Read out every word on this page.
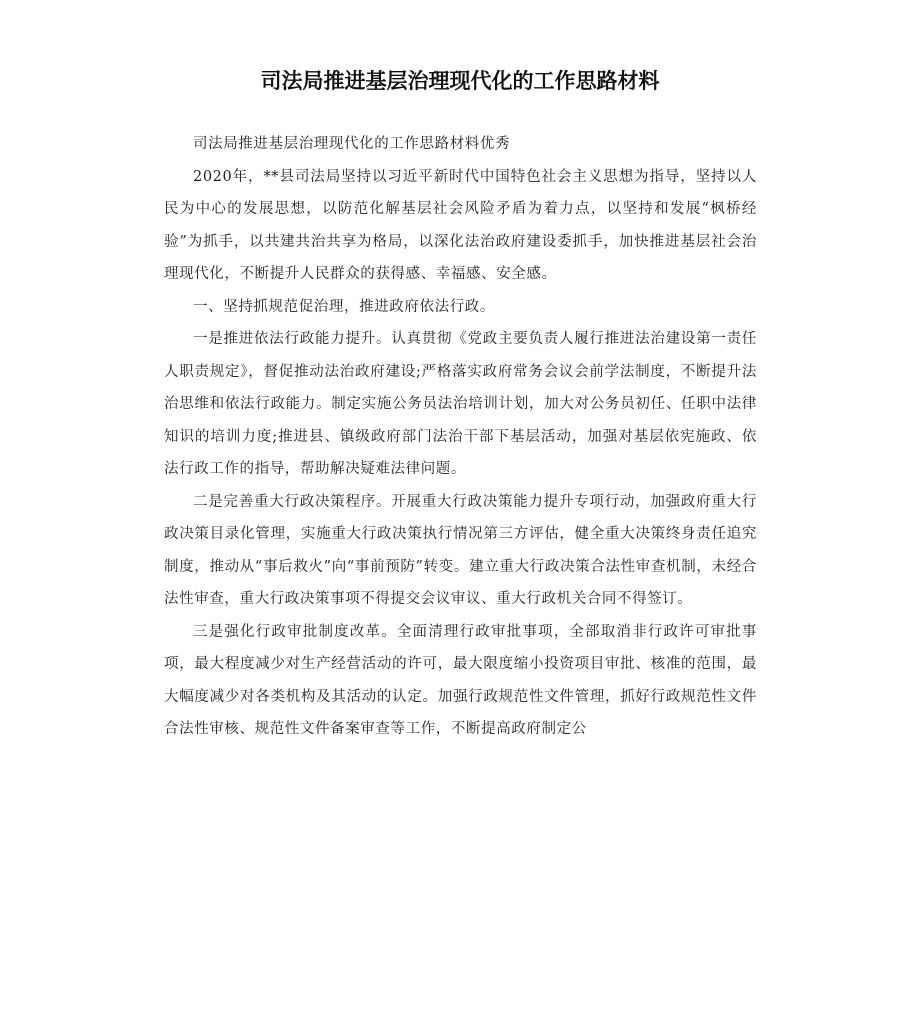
司法局推进基层治理现代化的工作思路材料

司法局推进基层治理现代化的工作思路材料优秀

2020年，**县司法局坚持以习近平新时代中国特色社会主义思想为指导，坚持以人民为中心的发展思想，以防范化解基层社会风险矛盾为着力点，以坚持和发展“枫桥经验”为抓手，以共建共治共享为格局，以深化法治政府建设委抓手，加快推进基层社会治理现代化，不断提升人民群众的获得感、幸福感、安全感。

一、坚持抓规范促治理，推进政府依法行政。

一是推进依法行政能力提升。认真贯彻《党政主要负责人履行推进法治建设第一责任人职责规定》，督促推动法治政府建设;严格落实政府常务会议会前学法制度，不断提升法治思维和依法行政能力。制定实施公务员法治培训计划，加大对公务员初任、任职中法律知识的培训力度;推进县、镇级政府部门法治干部下基层活动，加强对基层依宪施政、依法行政工作的指导，帮助解决疑难法律问题。

二是完善重大行政决策程序。开展重大行政决策能力提升专项行动，加强政府重大行政决策目录化管理，实施重大行政决策执行情况第三方评估，健全重大决策终身责任追究制度，推动从“事后救火”向“事前预防”转变。建立重大行政决策合法性审查机制，未经合法性审查，重大行政决策事项不得提交会议审议、重大行政机关合同不得签订。

三是强化行政审批制度改革。全面清理行政审批事项，全部取消非行政许可审批事项，最大程度减少对生产经营活动的许可，最大限度缩小投资项目审批、核准的范围，最大幅度减少对各类机构及其活动的认定。加强行政规范性文件管理，抓好行政规范性文件合法性审核、规范性文件备案审查等工作，不断提高政府制定公
